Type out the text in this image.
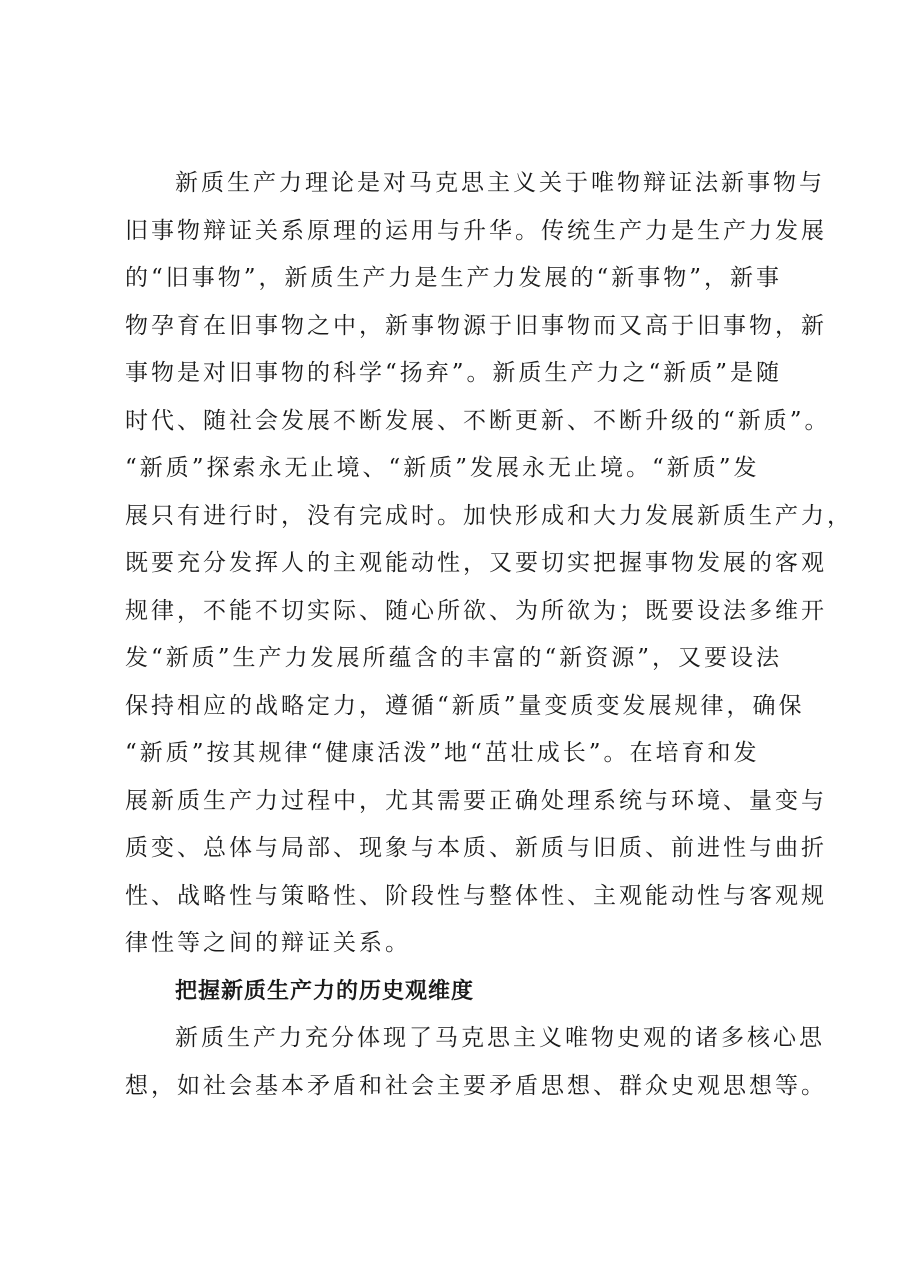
新质生产力理论是对马克思主义关于唯物辩证法新事物与
旧事物辩证关系原理的运用与升华。传统生产力是生产力发展
的“旧事物”，新质生产力是生产力发展的“新事物”，新事
物孕育在旧事物之中，新事物源于旧事物而又高于旧事物，新
事物是对旧事物的科学“扬弃”。新质生产力之“新质”是随
时代、随社会发展不断发展、不断更新、不断升级的“新质”。
“新质”探索永无止境、“新质”发展永无止境。“新质”发
展只有进行时，没有完成时。加快形成和大力发展新质生产力，
既要充分发挥人的主观能动性，又要切实把握事物发展的客观
规律，不能不切实际、随心所欲、为所欲为；既要设法多维开
发“新质”生产力发展所蕴含的丰富的“新资源”，又要设法
保持相应的战略定力，遵循“新质”量变质变发展规律，确保
“新质”按其规律“健康活泼”地“茁壮成长”。在培育和发
展新质生产力过程中，尤其需要正确处理系统与环境、量变与
质变、总体与局部、现象与本质、新质与旧质、前进性与曲折
性、战略性与策略性、阶段性与整体性、主观能动性与客观规
律性等之间的辩证关系。

把握新质生产力的历史观维度

新质生产力充分体现了马克思主义唯物史观的诸多核心思
想，如社会基本矛盾和社会主要矛盾思想、群众史观思想等。
